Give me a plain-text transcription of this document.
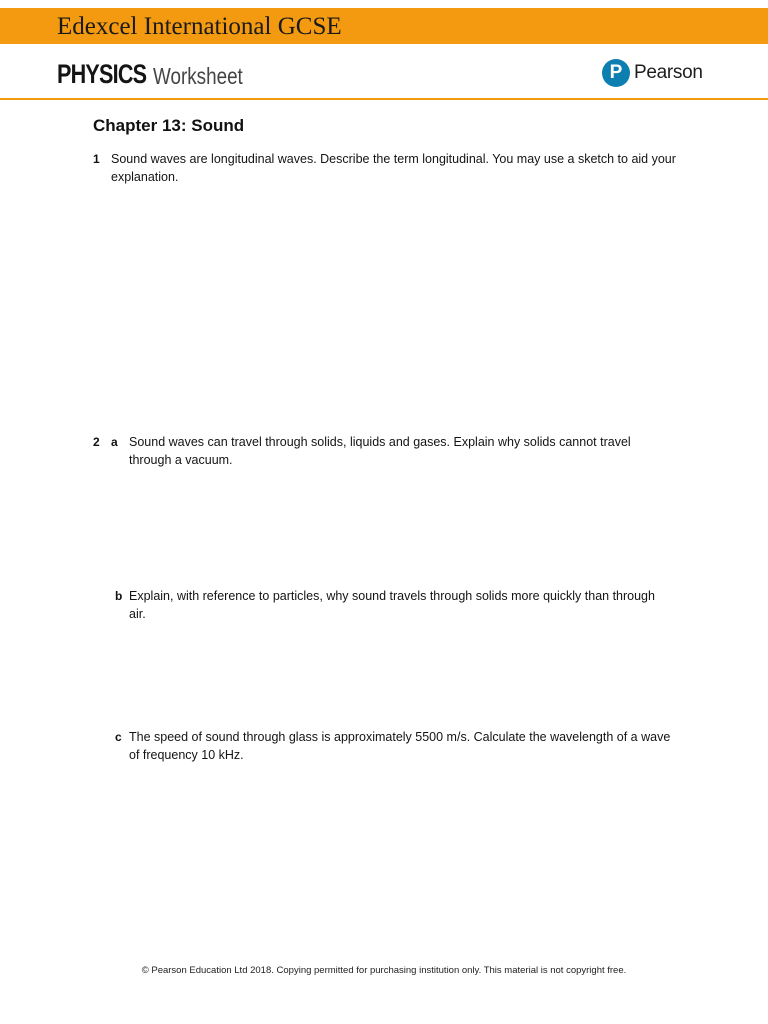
Edexcel International GCSE
PHYSICS Worksheet	P Pearson
Chapter 13: Sound
1 Sound waves are longitudinal waves. Describe the term longitudinal. You may use a sketch to aid your explanation.
2 a Sound waves can travel through solids, liquids and gases. Explain why solids cannot travel through a vacuum.
b Explain, with reference to particles, why sound travels through solids more quickly than through air.
c The speed of sound through glass is approximately 5500 m/s. Calculate the wavelength of a wave of frequency 10 kHz.
© Pearson Education Ltd 2018. Copying permitted for purchasing institution only. This material is not copyright free.
